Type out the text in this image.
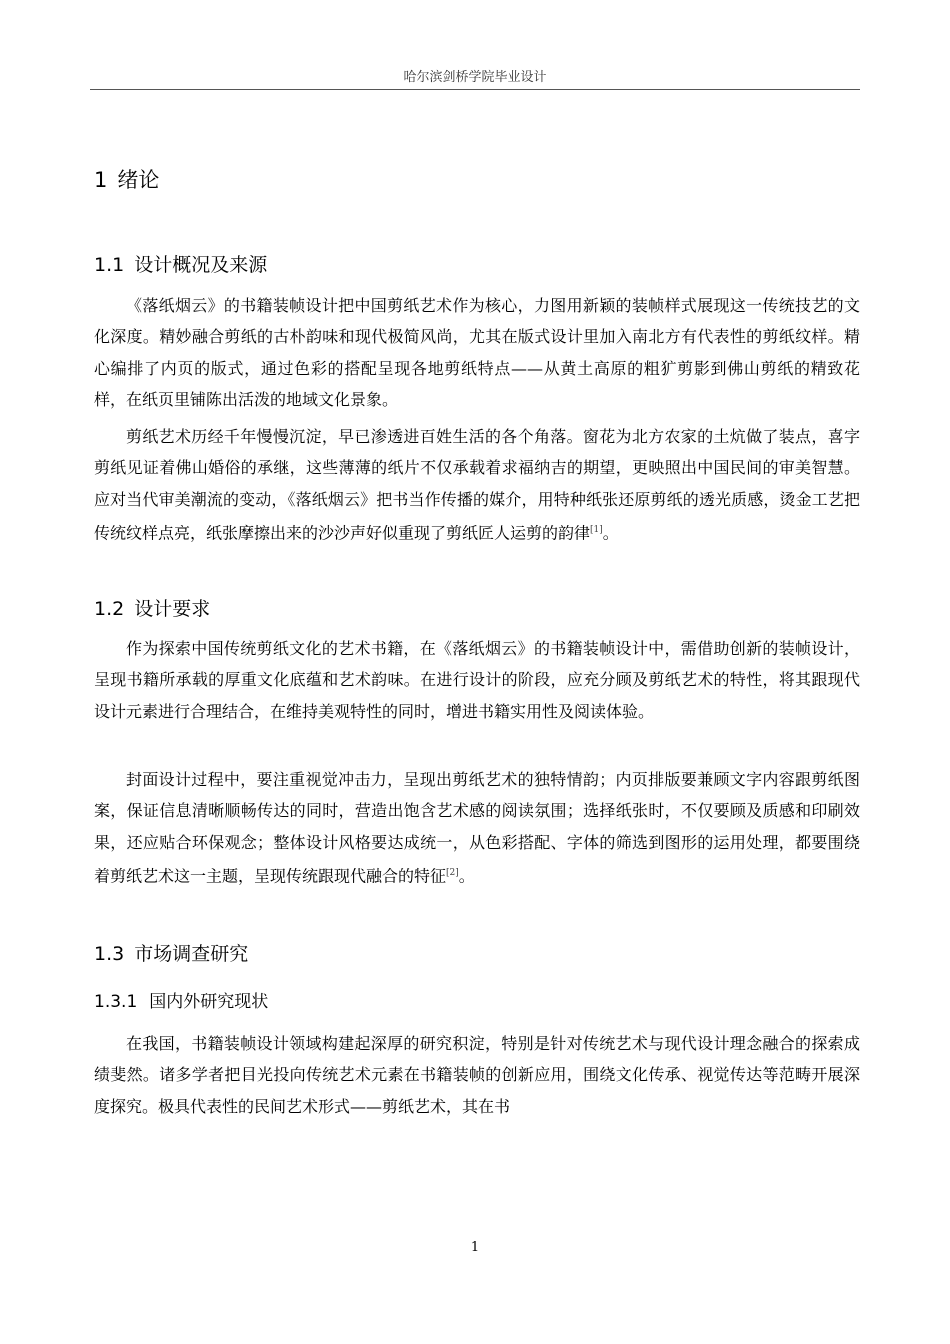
哈尔滨剑桥学院毕业设计
1 绪论
1.1 设计概况及来源

《落纸烟云》的书籍装帧设计把中国剪纸艺术作为核心，力图用新颖的装帧样式展现这一传统技艺的文化深度。精妙融合剪纸的古朴韵味和现代极简风尚，尤其在版式设计里加入南北方有代表性的剪纸纹样。精心编排了内页的版式，通过色彩的搭配呈现各地剪纸特点——从黄土高原的粗犷剪影到佛山剪纸的精致花样，在纸页里铺陈出活泼的地域文化景象。

剪纸艺术历经千年慢慢沉淀，早已渗透进百姓生活的各个角落。窗花为北方农家的土炕做了装点，喜字剪纸见证着佛山婚俗的承继，这些薄薄的纸片不仅承载着求福纳吉的期望，更映照出中国民间的审美智慧。应对当代审美潮流的变动，《落纸烟云》把书当作传播的媒介，用特种纸张还原剪纸的透光质感，烫金工艺把传统纹样点亮，纸张摩擦出来的沙沙声好似重现了剪纸匠人运剪的韵律[1]。

1.2 设计要求

作为探索中国传统剪纸文化的艺术书籍，在《落纸烟云》的书籍装帧设计中，需借助创新的装帧设计，呈现书籍所承载的厚重文化底蕴和艺术韵味。在进行设计的阶段，应充分顾及剪纸艺术的特性，将其跟现代设计元素进行合理结合，在维持美观特性的同时，增进书籍实用性及阅读体验。

封面设计过程中，要注重视觉冲击力，呈现出剪纸艺术的独特情韵；内页排版要兼顾文字内容跟剪纸图案，保证信息清晰顺畅传达的同时，营造出饱含艺术感的阅读氛围；选择纸张时，不仅要顾及质感和印刷效果，还应贴合环保观念；整体设计风格要达成统一，从色彩搭配、字体的筛选到图形的运用处理，都要围绕着剪纸艺术这一主题，呈现传统跟现代融合的特征[2]。

1.3 市场调查研究
1.3.1 国内外研究现状

在我国，书籍装帧设计领域构建起深厚的研究积淀，特别是针对传统艺术与现代设计理念融合的探索成绩斐然。诸多学者把目光投向传统艺术元素在书籍装帧的创新应用，围绕文化传承、视觉传达等范畴开展深度探究。极具代表性的民间艺术形式——剪纸艺术，其在书

1
